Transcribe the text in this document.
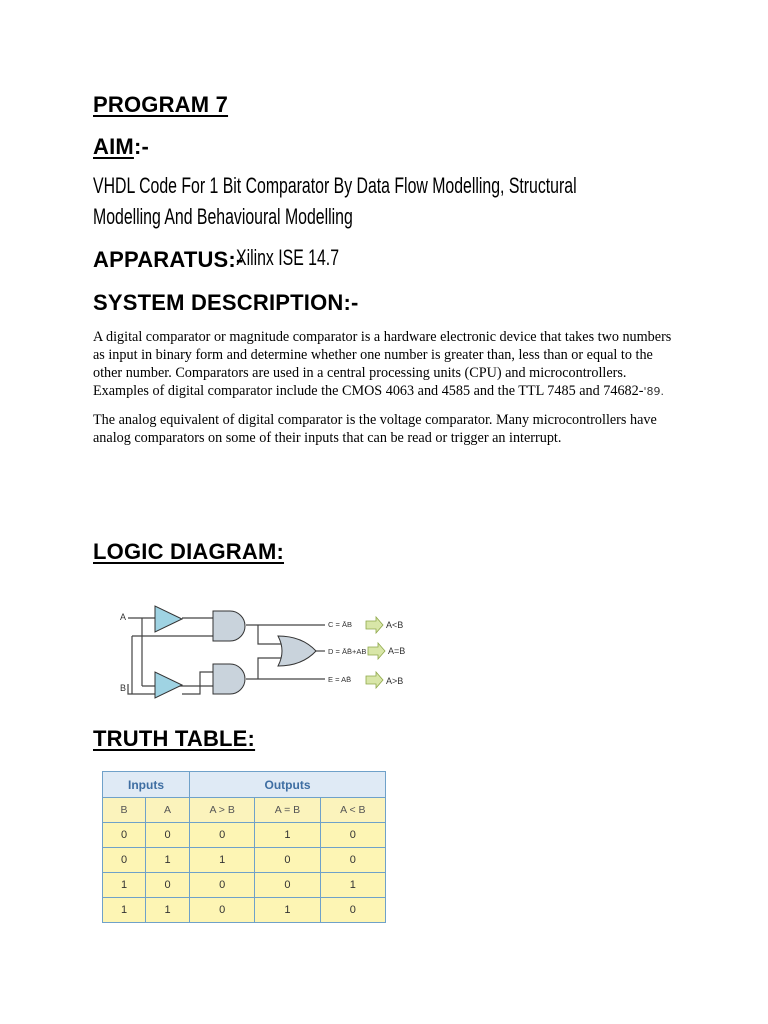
PROGRAM 7
AIM:-
VHDL Code For 1 Bit Comparator By Data Flow Modelling, Structural
Modelling And Behavioural Modelling
APPARATUS:-
Xilinx ISE 14.7
SYSTEM DESCRIPTION:-

A digital comparator or magnitude comparator is a hardware electronic device that takes two numbers as input in binary form and determine whether one number is greater than, less than or equal to the other number. Comparators are used in a central processing units (CPU) and microcontrollers. Examples of digital comparator include the CMOS 4063 and 4585 and the TTL 7485 and 74682-'89.

The analog equivalent of digital comparator is the voltage comparator. Many microcontrollers have analog comparators on some of their inputs that can be read or trigger an interrupt.

LOGIC DIAGRAM:
A
B
C = ĀB
D = ĀB̄+AB
E = AB̄
A<B
A=B
A>B
TRUTH TABLE:
Inputs		Outputs		
B	A	A > B	A = B	A < B
0	0	0	1	0
0	1	1	0	0
1	0	0	0	1
1	1	0	1	0
